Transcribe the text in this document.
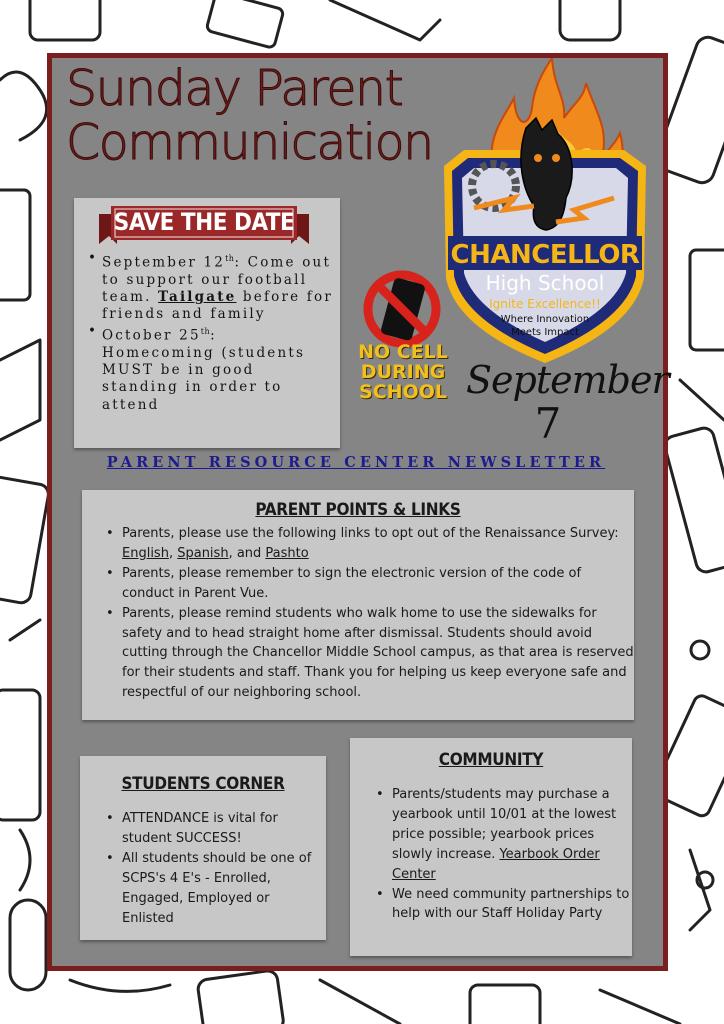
Sunday Parent
Communication
CHANCELLOR
High School
Ignite Excellence!!
Where Innovation
Meets Impact
SAVE THE DATE
• September 12th: Come out to support our football team. Tailgate before for friends and family
• October 25th: Homecoming (students MUST be in good standing in order to attend
NO CELL
DURING
SCHOOL September
7
PARENT RESOURCE CENTER NEWSLETTER
PARENT POINTS & LINKS
• Parents, please use the following links to opt out of the Renaissance Survey: English, Spanish, and Pashto
• Parents, please remember to sign the electronic version of the code of conduct in Parent Vue.
• Parents, please remind students who walk home to use the sidewalks for safety and to head straight home after dismissal. Students should avoid cutting through the Chancellor Middle School campus, as that area is reserved for their students and staff. Thank you for helping us keep everyone safe and respectful of our neighboring school.
STUDENTS CORNER
• ATTENDANCE is vital for student SUCCESS!
• All students should be one of SCPS's 4 E's - Enrolled, Engaged, Employed or Enlisted
COMMUNITY
• Parents/students may purchase a yearbook until 10/01 at the lowest price possible; yearbook prices slowly increase. Yearbook Order Center
• We need community partnerships to help with our Staff Holiday Party
